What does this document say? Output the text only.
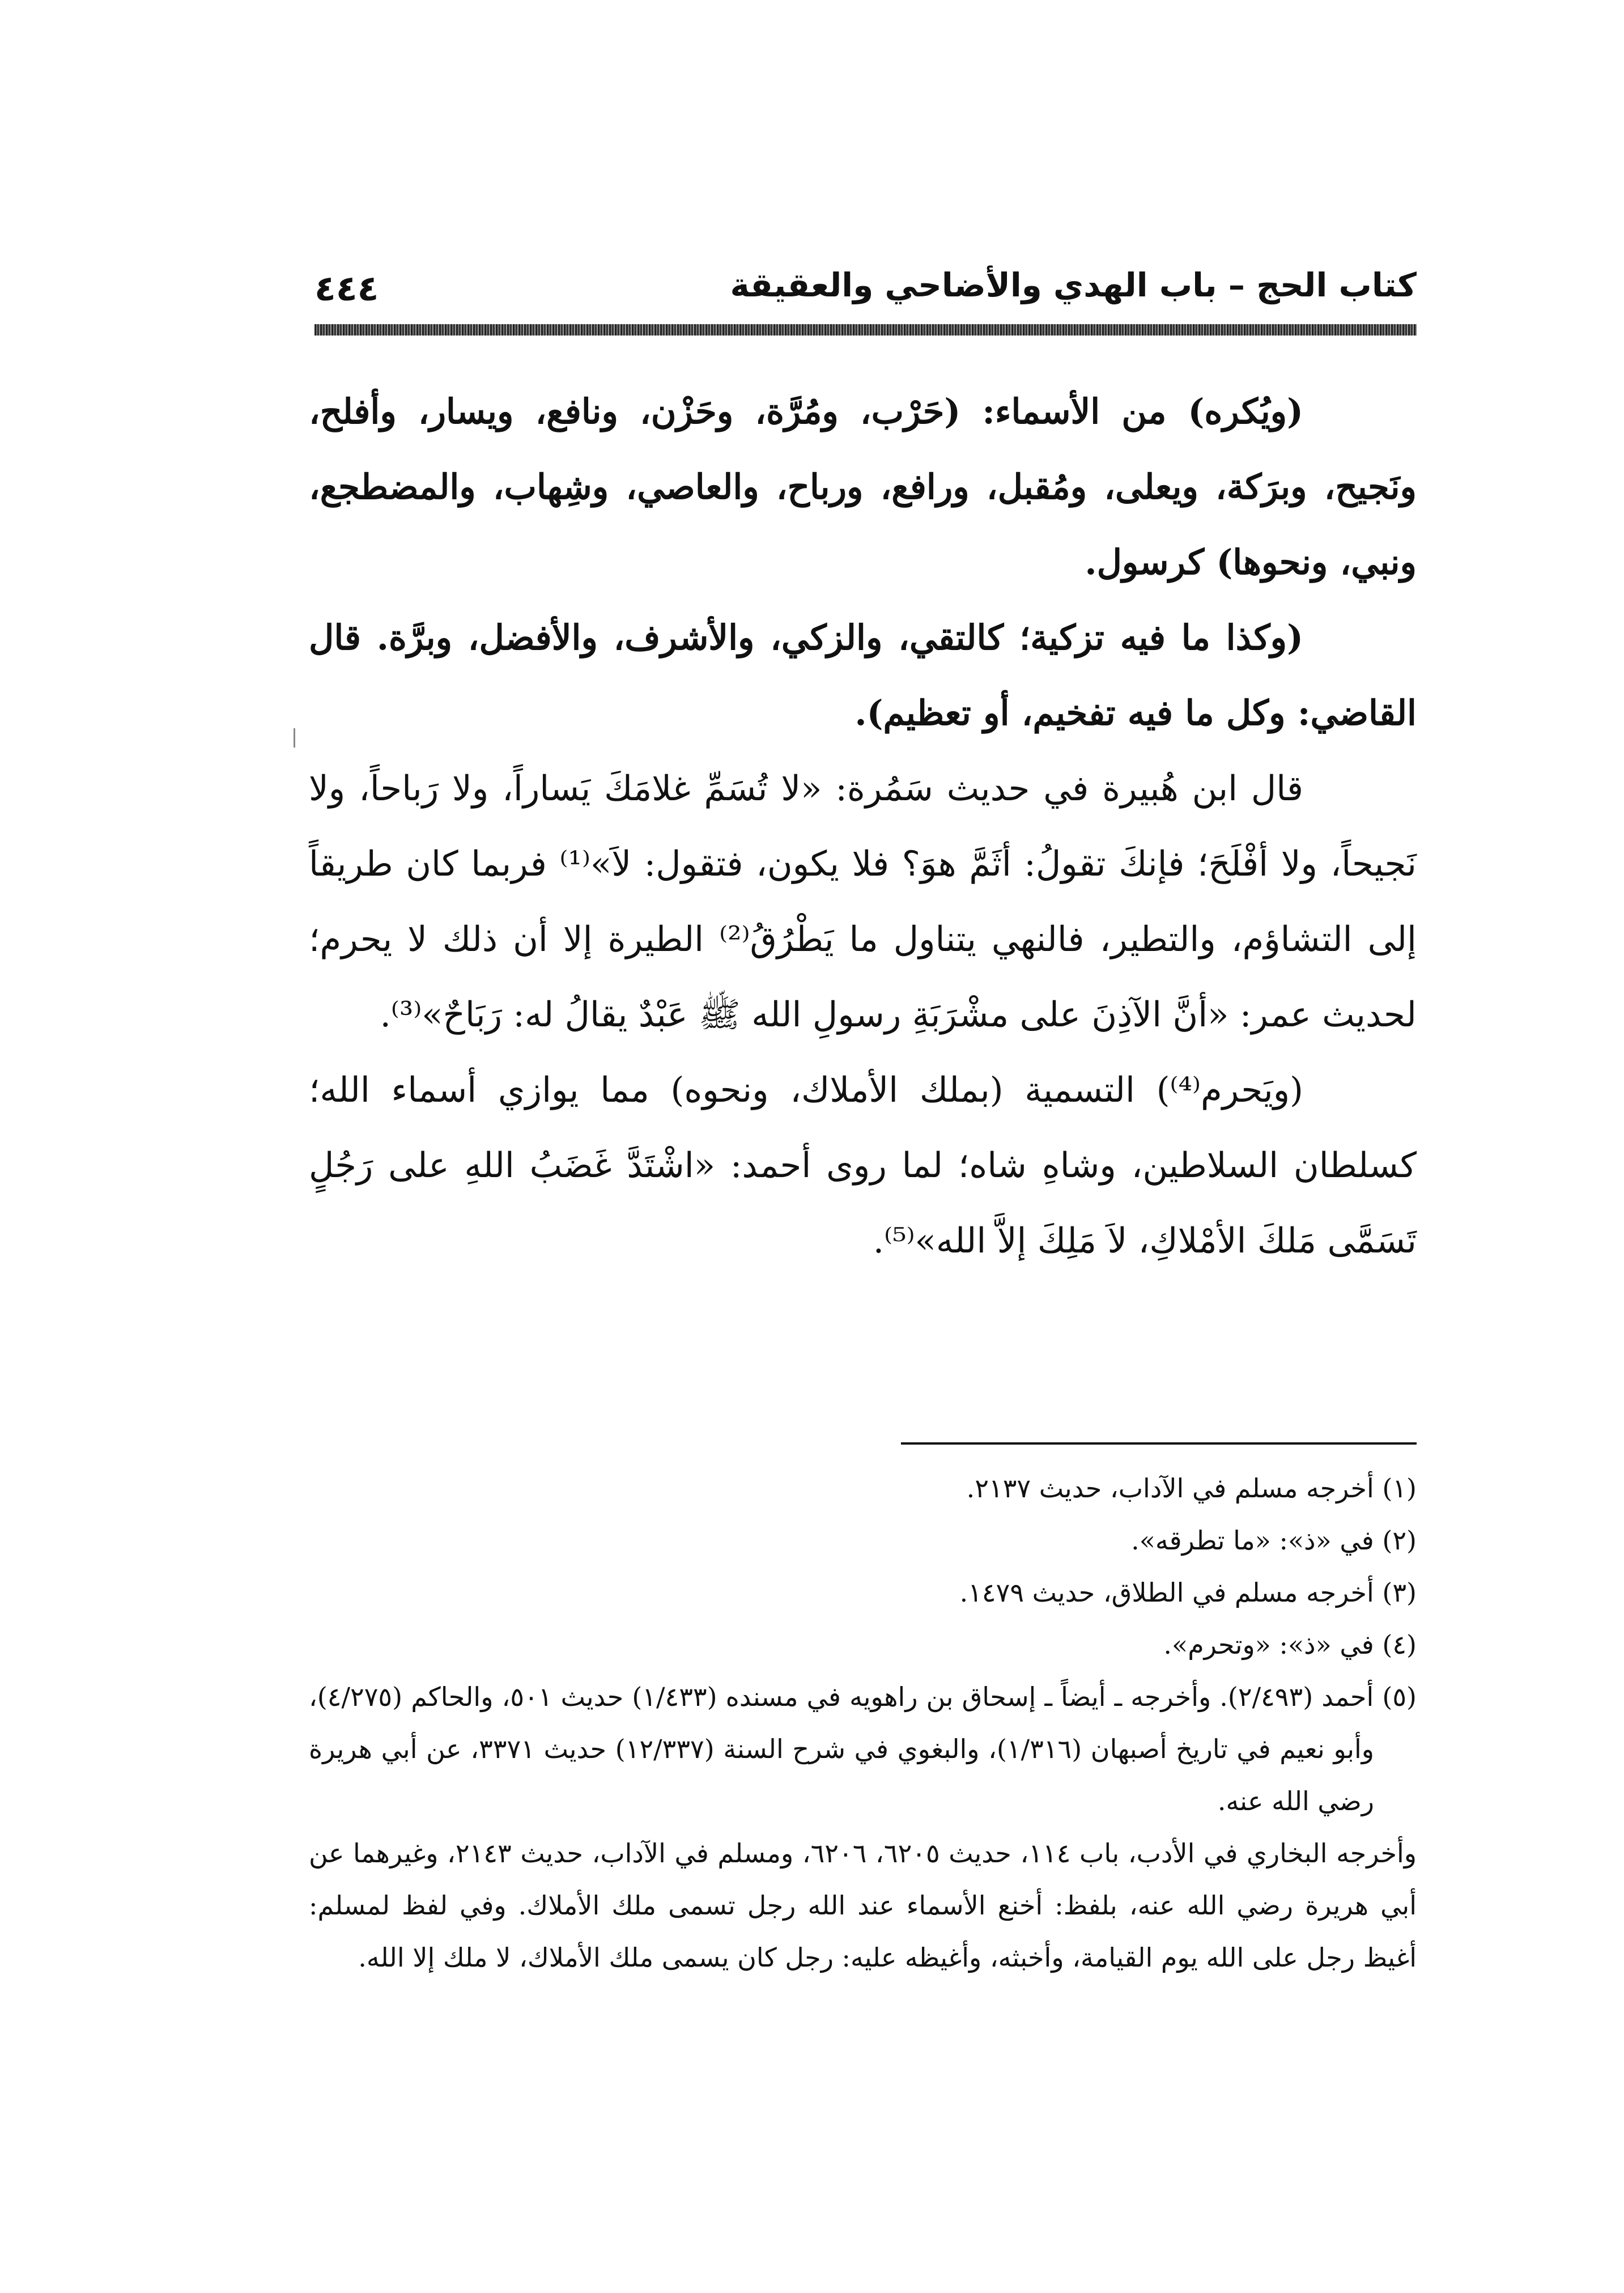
كتاب الحج – باب الهدي والأضاحي والعقيقة
٤٤٤

(ويُكره) من الأسماء: (حَرْب، ومُرَّة، وحَزْن، ونافع، ويسار، وأفلح، ونَجيح، وبرَكة، ويعلى، ومُقبل، ورافع، ورباح، والعاصي، وشِهاب، والمضطجع، ونبي، ونحوها) كرسول.

(وكذا ما فيه تزكية؛ كالتقي، والزكي، والأشرف، والأفضل، وبرَّة. قال القاضي: وكل ما فيه تفخيم، أو تعظيم).

قال ابن هُبيرة في حديث سَمُرة: «لا تُسَمِّ غلامَكَ يَساراً، ولا رَباحاً، ولا نَجيحاً، ولا أفْلَحَ؛ فإنكَ تقولُ: أثَمَّ هوَ؟ فلا يكون، فتقول: لاَ»⁽¹⁾ فربما كان طريقاً إلى التشاؤم، والتطير، فالنهي يتناول ما يَطْرُقُ⁽²⁾ الطيرة إلا أن ذلك لا يحرم؛ لحديث عمر: «أنَّ الآذِنَ على مشْرَبَةِ رسولِ الله ﷺ عَبْدٌ يقالُ له: رَبَاحٌ»⁽³⁾.

(ويَحرم⁽⁴⁾) التسمية (بملك الأملاك، ونحوه) مما يوازي أسماء الله؛ كسلطان السلاطين، وشاهِ شاه؛ لما روى أحمد: «اشْتَدَّ غَضَبُ اللهِ على رَجُلٍ تَسَمَّى مَلكَ الأمْلاكِ، لاَ مَلِكَ إلاَّ الله»⁽⁵⁾.

(١) أخرجه مسلم في الآداب، حديث ٢١٣٧.

(٢) في «ذ»: «ما تطرقه».

(٣) أخرجه مسلم في الطلاق، حديث ١٤٧٩.

(٤) في «ذ»: «وتحرم».

(٥) أحمد (٢/٤٩٣). وأخرجه ـ أيضاً ـ إسحاق بن راهويه في مسنده (١/٤٣٣) حديث ٥٠١، والحاكم (٤/٢٧٥)، وأبو نعيم في تاريخ أصبهان (١/٣١٦)، والبغوي في شرح السنة (١٢/٣٣٧) حديث ٣٣٧١، عن أبي هريرة رضي الله عنه.

وأخرجه البخاري في الأدب، باب ١١٤، حديث ٦٢٠٥، ٦٢٠٦، ومسلم في الآداب، حديث ٢١٤٣، وغيرهما عن أبي هريرة رضي الله عنه، بلفظ: أخنع الأسماء عند الله رجل تسمى ملك الأملاك. وفي لفظ لمسلم: أغيظ رجل على الله يوم القيامة، وأخبثه، وأغيظه عليه: رجل كان يسمى ملك الأملاك، لا ملك إلا الله.
